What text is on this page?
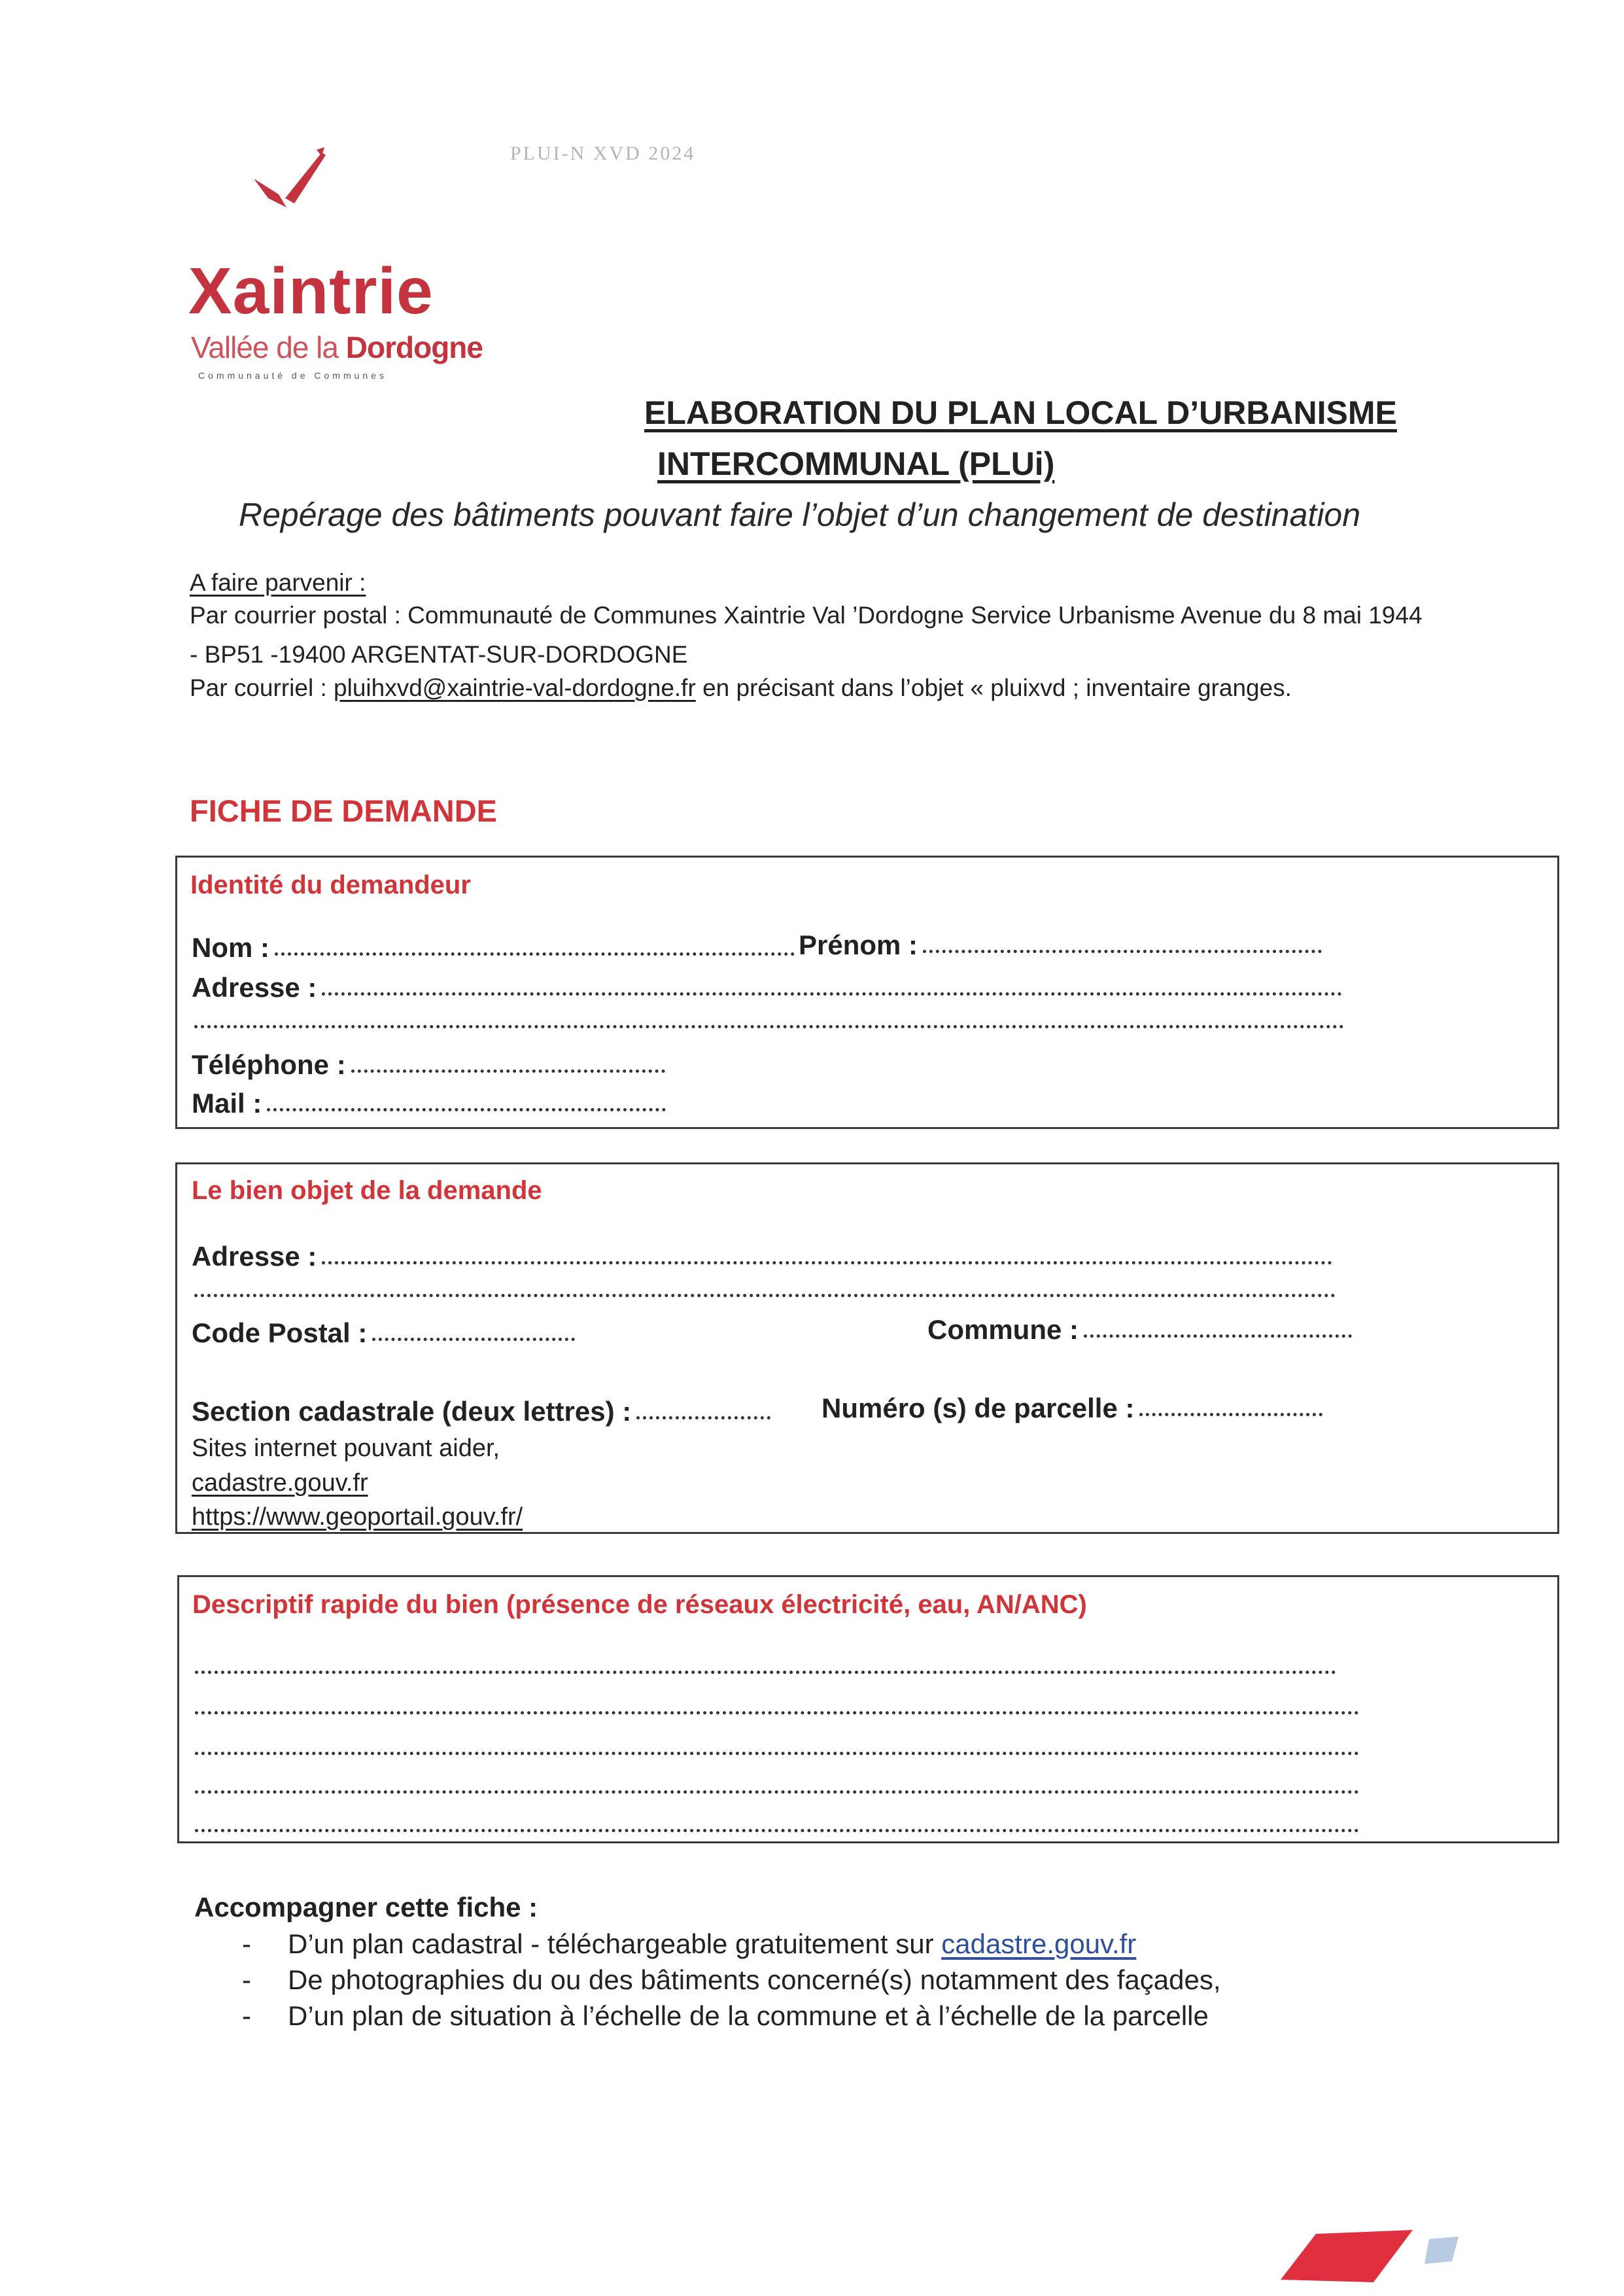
PLUI-N XVD 2024
Xaintrie
Vallée de la Dordogne
Communauté de Communes
ELABORATION DU PLAN LOCAL D’URBANISME
INTERCOMMUNAL (PLUi)
Repérage des bâtiments pouvant faire l’objet d’un changement de destination
A faire parvenir :
Par courrier postal : Communauté de Communes Xaintrie Val ’Dordogne Service Urbanisme Avenue du 8 mai 1944
- BP51 -19400 ARGENTAT-SUR-DORDOGNE
Par courriel : pluihxvd@xaintrie-val-dordogne.fr en précisant dans l’objet « pluixvd ; inventaire granges.
FICHE DE DEMANDE
Identité du demandeur
Nom :	Prénom :
Adresse :
Téléphone :
Mail :
Le bien objet de la demande
Adresse :
Code Postal :	Commune :
Section cadastrale (deux lettres) :	Numéro (s) de parcelle :
Sites internet pouvant aider,
cadastre.gouv.fr
https://www.geoportail.gouv.fr/
Descriptif rapide du bien (présence de réseaux électricité, eau, AN/ANC)
Accompagner cette fiche :
- D’un plan cadastral - téléchargeable gratuitement sur cadastre.gouv.fr
- De photographies du ou des bâtiments concerné(s) notamment des façades,
- D’un plan de situation à l’échelle de la commune et à l’échelle de la parcelle
